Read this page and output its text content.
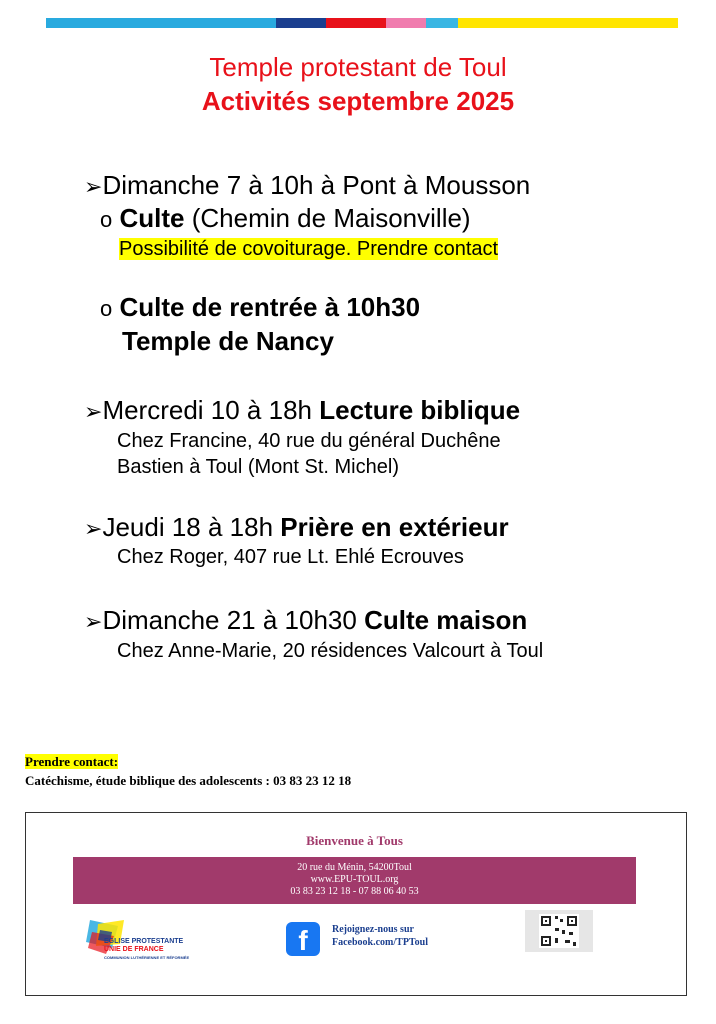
Temple protestant de Toul
Activités septembre 2025
➢Dimanche 7 à 10h à Pont à Mousson
o Culte (Chemin de Maisonville)
Possibilité de covoiturage. Prendre contact
o Culte de rentrée à 10h30
Temple de Nancy
➢Mercredi 10 à 18h Lecture biblique
Chez Francine, 40 rue du général Duchêne
Bastien à Toul (Mont St. Michel)
➢Jeudi 18 à 18h Prière en extérieur
Chez Roger, 407 rue Lt. Ehlé Ecrouves
➢Dimanche 21 à 10h30 Culte maison
Chez Anne-Marie, 20 résidences Valcourt à Toul
Prendre contact:
Catéchisme, étude biblique des adolescents : 03 83 23 12 18
Bienvenue à Tous
20 rue du Ménin, 54200Toul
www.EPU-TOUL.org
03 83 23 12 18 - 07 88 06 40 53
EGLISE PROTESTANTE
UNIE DE FRANCE
COMMUNION LUTHÉRIENNE ET RÉFORMÉE
f	Rejoignez-nous sur
Facebook.com/TPToul
